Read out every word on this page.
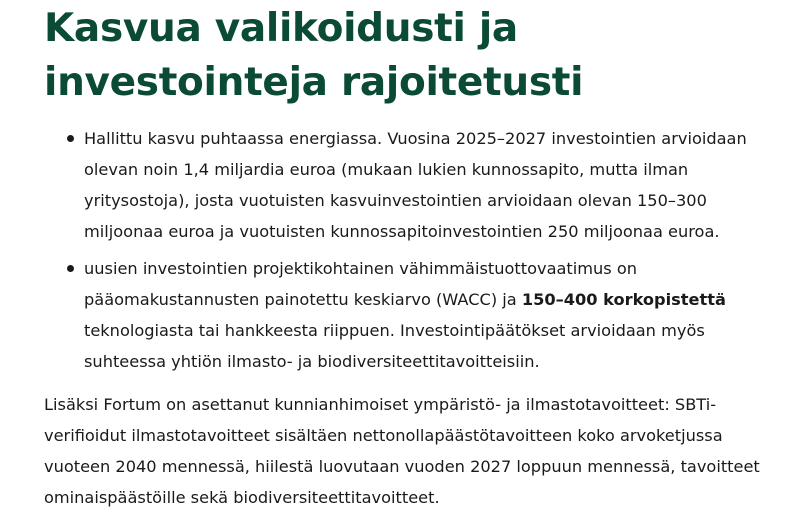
Kasvua valikoidusti ja
investointeja rajoitetusti
Hallittu kasvu puhtaassa energiassa. Vuosina 2025–2027 investointien arvioidaan
olevan noin 1,4 miljardia euroa (mukaan lukien kunnossapito, mutta ilman
yritysostoja), josta vuotuisten kasvuinvestointien arvioidaan olevan 150–300
miljoonaa euroa ja vuotuisten kunnossapitoinvestointien 250 miljoonaa euroa.
uusien investointien projektikohtainen vähimmäistuottovaatimus on
pääomakustannusten painotettu keskiarvo (WACC) ja 150–400 korkopistettä
teknologiasta tai hankkeesta riippuen. Investointipäätökset arvioidaan myös
suhteessa yhtiön ilmasto- ja biodiversiteettitavoitteisiin.

Lisäksi Fortum on asettanut kunnianhimoiset ympäristö- ja ilmastotavoitteet: SBTi-
verifioidut ilmastotavoitteet sisältäen nettonollapäästötavoitteen koko arvoketjussa
vuoteen 2040 mennessä, hiilestä luovutaan vuoden 2027 loppuun mennessä, tavoitteet
ominaispäästöille sekä biodiversiteettitavoitteet.
